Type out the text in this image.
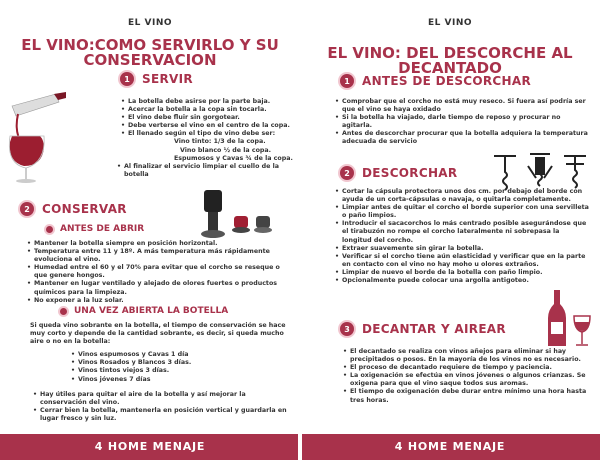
EL VINO
EL VINO:COMO SERVIRLO Y SU
CONSERVACION
1	SERVIR
• La botella debe asirse por la parte baja.
• Acercar la botella a la copa sin tocarla.
• El vino debe fluir sin gorgotear.
• Debe verterse el vino en el centro de la copa.
• El llenado según el tipo de vino debe ser:
Vino tinto: 1/3 de la copa.
Vino blanco ½ de la copa.
Espumosos y Cavas ¾ de la copa.
• Al finalizar el servicio limpiar el cuello de la botella
2	CONSERVAR
ANTES DE ABRIR
• Mantener la botella siempre en posición horizontal.
• Temperatura entre 11 y 18º. A más temperatura más rápidamente evoluciona el vino.
• Humedad entre el 60 y el 70% para evitar que el corcho se reseque o que genere hongos.
• Mantener en lugar ventilado y alejado de olores fuertes o productos químicos para la limpieza.
• No exponer a la luz solar.
UNA VEZ ABIERTA LA BOTELLA
Si queda vino sobrante en la botella, el tiempo de conservación se hace muy corto y depende de la cantidad sobrante, es decir, si queda mucho aire o no en la botella:
• Vinos espumosos y Cavas 1 día
• Vinos Rosados y Blancos 3 días.
• Vinos tintos viejos 3 días.
• Vinos jóvenes 7 días
• Hay útiles para quitar el aire de la botella y así mejorar la conservación del vino.
• Cerrar bien la botella, mantenerla en posición vertical y guardarla en lugar fresco y sin luz.
4 HOME MENAJE
EL VINO
EL VINO: DEL DESCORCHE AL
DECANTADO
1	ANTES DE DESCORCHAR
• Comprobar que el corcho no está muy reseco. Si fuera así podría ser que el vino se haya oxidado
• Si la botella ha viajado, darle tiempo de reposo y procurar no agitarla.
• Antes de descorchar procurar que la botella adquiera la temperatura adecuada de servicio
2	DESCORCHAR
• Cortar la cápsula protectora unos dos cm. por debajo del borde con ayuda de un corta-cápsulas o navaja, o quitarla completamente.
• Limpiar antes de quitar el corcho el borde superior con una servilleta o paño limpios.
• Introducir el sacacorchos lo más centrado posible asegurándose que el tirabuzón no rompe el corcho lateralmente ni sobrepasa la longitud del corcho.
• Extraer suavemente sin girar la botella.
• Verificar si el corcho tiene aún elasticidad y verificar que en la parte en contacto con el vino no hay moho u olores extraños.
• Limpiar de nuevo el borde de la botella con paño limpio.
• Opcionalmente puede colocar una argolla antigoteo.
3	DECANTAR Y AIREAR
• El decantado se realiza con vinos añejos para eliminar si hay precipitados o posos. En la mayoría de los vinos no es necesario.
• El proceso de decantado requiere de tiempo y paciencia.
• La oxigenación se efectúa en vinos jóvenes o algunos crianzas. Se oxigena para que el vino saque todos sus aromas.
• El tiempo de oxigenación debe durar entre mínimo una hora hasta tres horas.
4 HOME MENAJE
